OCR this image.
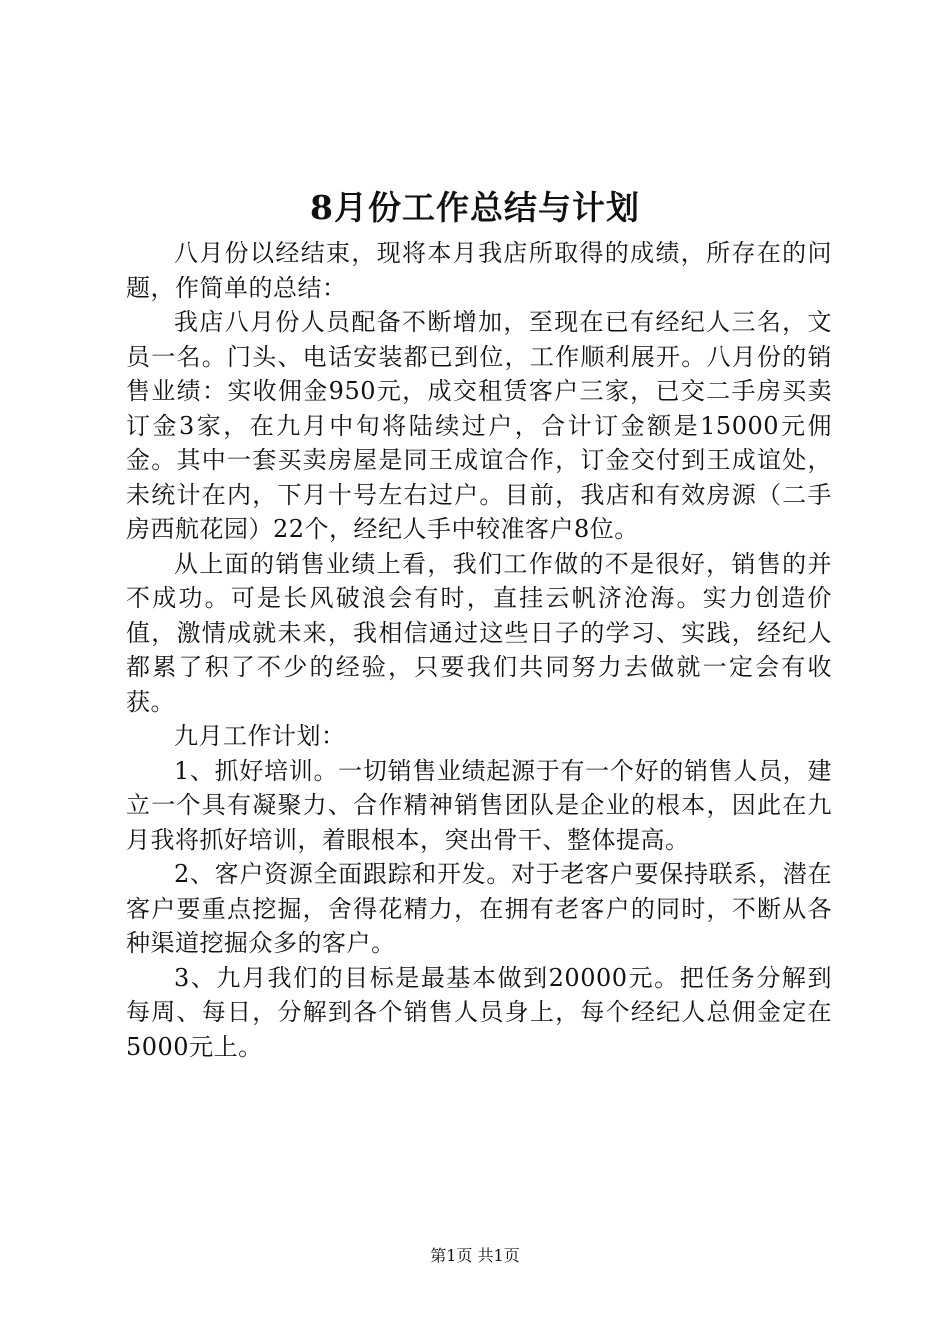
8月份工作总结与计划

八月份以经结束，现将本月我店所取得的成绩，所存在的问题，作简单的总结：

我店八月份人员配备不断增加，至现在已有经纪人三名，文员一名。门头、电话安装都已到位，工作顺利展开。八月份的销售业绩：实收佣金950元，成交租赁客户三家，已交二手房买卖订金3家，在九月中旬将陆续过户，合计订金额是15000元佣金。其中一套买卖房屋是同王成谊合作，订金交付到王成谊处，未统计在内，下月十号左右过户。目前，我店和有效房源（二手房西航花园）22个，经纪人手中较准客户8位。

从上面的销售业绩上看，我们工作做的不是很好，销售的并不成功。可是长风破浪会有时，直挂云帆济沧海。实力创造价值，激情成就未来，我相信通过这些日子的学习、实践，经纪人都累了积了不少的经验，只要我们共同努力去做就一定会有收获。

九月工作计划：

1、抓好培训。一切销售业绩起源于有一个好的销售人员，建立一个具有凝聚力、合作精神销售团队是企业的根本，因此在九月我将抓好培训，着眼根本，突出骨干、整体提高。

2、客户资源全面跟踪和开发。对于老客户要保持联系，潜在客户要重点挖掘，舍得花精力，在拥有老客户的同时，不断从各种渠道挖掘众多的客户。

3、九月我们的目标是最基本做到20000元。把任务分解到每周、每日，分解到各个销售人员身上，每个经纪人总佣金定在5000元上。

第1页 共1页
